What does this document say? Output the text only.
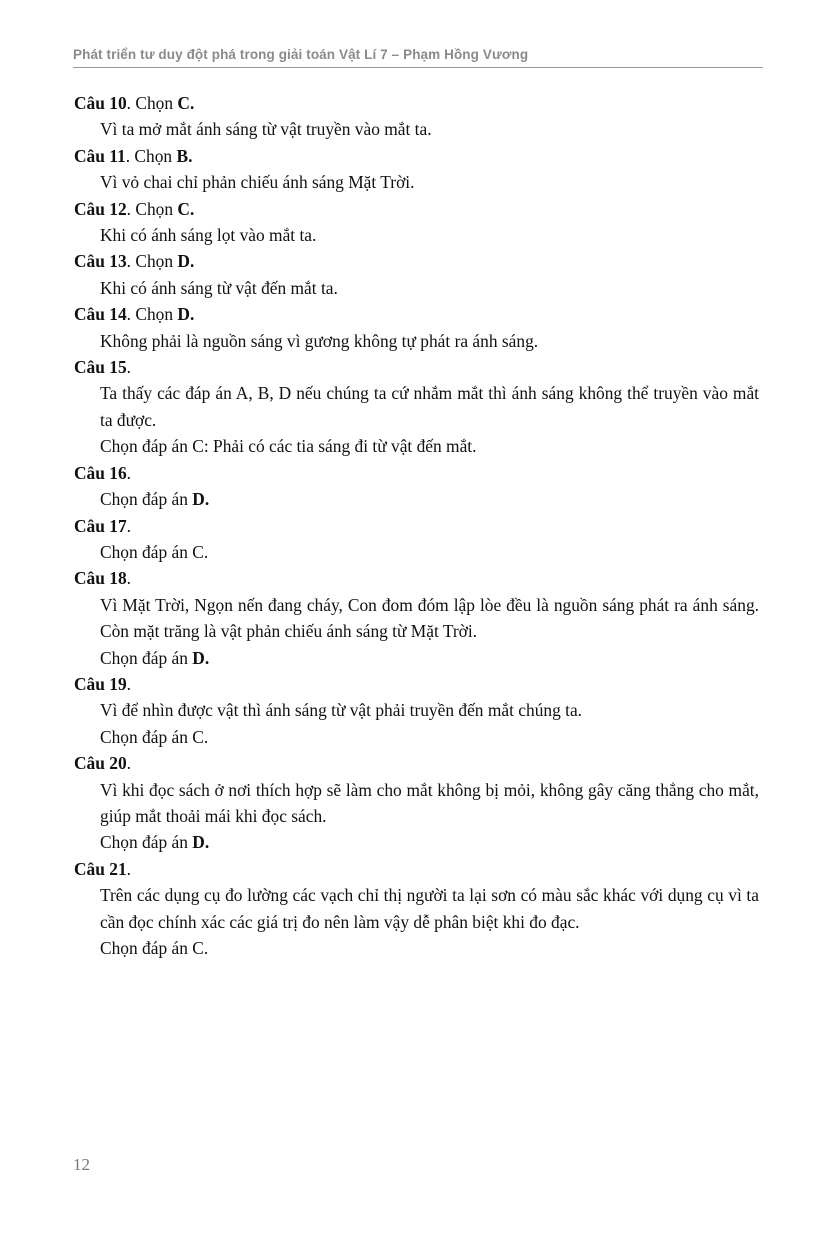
Phát triển tư duy đột phá trong giải toán Vật Lí 7 – Phạm Hồng Vương
Câu 10. Chọn C.
Vì ta mở mắt ánh sáng từ vật truyền vào mắt ta.
Câu 11. Chọn B.
Vì vỏ chai chỉ phản chiếu ánh sáng Mặt Trời.
Câu 12. Chọn C.
Khi có ánh sáng lọt vào mắt ta.
Câu 13. Chọn D.
Khi có ánh sáng từ vật đến mắt ta.
Câu 14. Chọn D.
Không phải là nguồn sáng vì gương không tự phát ra ánh sáng.
Câu 15.
Ta thấy các đáp án A, B, D nếu chúng ta cứ nhắm mắt thì ánh sáng không thể truyền vào mắt ta được.
Chọn đáp án C: Phải có các tia sáng đi từ vật đến mắt.
Câu 16.
Chọn đáp án D.
Câu 17.
Chọn đáp án C.
Câu 18.
Vì Mặt Trời, Ngọn nến đang cháy, Con đom đóm lập lòe đều là nguồn sáng phát ra ánh sáng. Còn mặt trăng là vật phản chiếu ánh sáng từ Mặt Trời.
Chọn đáp án D.
Câu 19.
Vì để nhìn được vật thì ánh sáng từ vật phải truyền đến mắt chúng ta.
Chọn đáp án C.
Câu 20.
Vì khi đọc sách ở nơi thích hợp sẽ làm cho mắt không bị mỏi, không gây căng thẳng cho mắt, giúp mắt thoải mái khi đọc sách.
Chọn đáp án D.
Câu 21.
Trên các dụng cụ đo lường các vạch chỉ thị người ta lại sơn có màu sắc khác với dụng cụ vì ta cần đọc chính xác các giá trị đo nên làm vậy dễ phân biệt khi đo đạc.
Chọn đáp án C.
12
